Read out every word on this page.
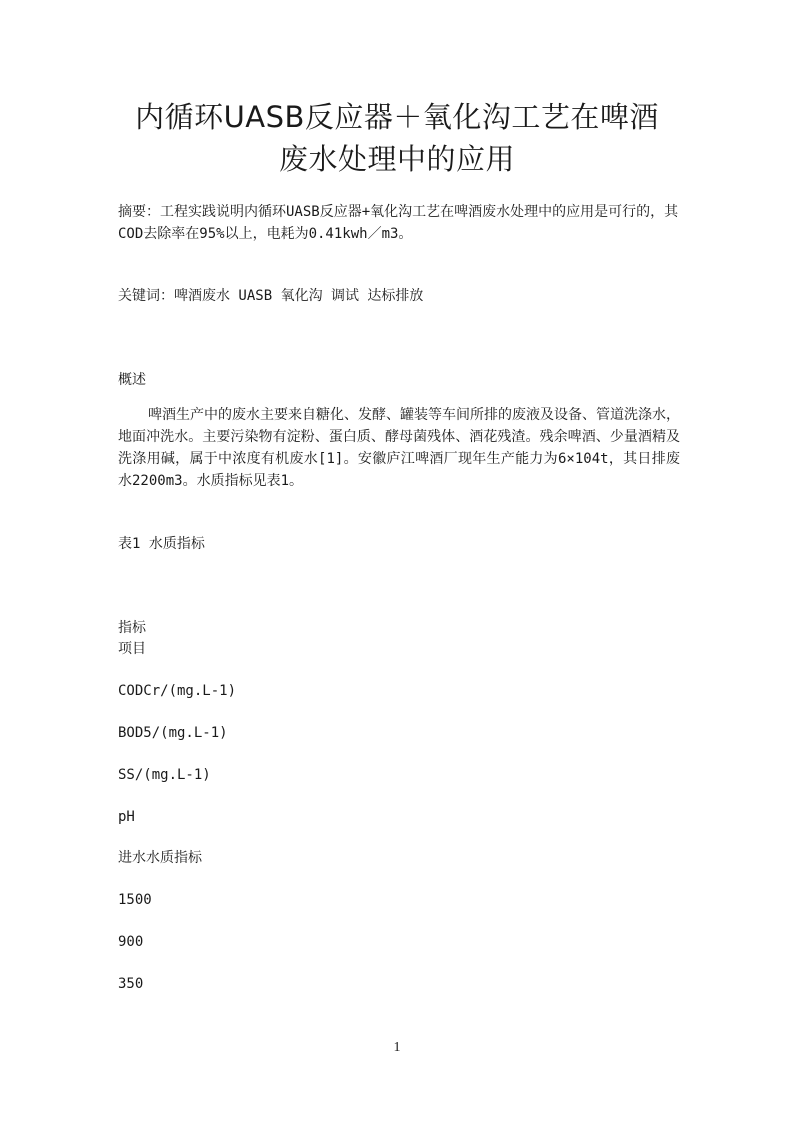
内循环UASB反应器＋氧化沟工艺在啤酒
废水处理中的应用
摘要：工程实践说明内循环UASB反应器+氧化沟工艺在啤酒废水处理中的应用是可行的，其COD去除率在95%以上，电耗为0.41kwh／m3。
关键词：啤酒废水 UASB 氧化沟 调试 达标排放
概述
啤酒生产中的废水主要来自糖化、发酵、罐装等车间所排的废液及设备、管道洗涤水，地面冲洗水。主要污染物有淀粉、蛋白质、酵母菌残体、酒花残渣。残余啤酒、少量酒精及洗涤用碱，属于中浓度有机废水[1]。安徽庐江啤酒厂现年生产能力为6×104t，其日排废水2200m3。水质指标见表1。
表1 水质指标
指标
项目
CODCr/(mg.L-1)
BOD5/(mg.L-1)
SS/(mg.L-1)
pH
进水水质指标
1500
900
350
1
